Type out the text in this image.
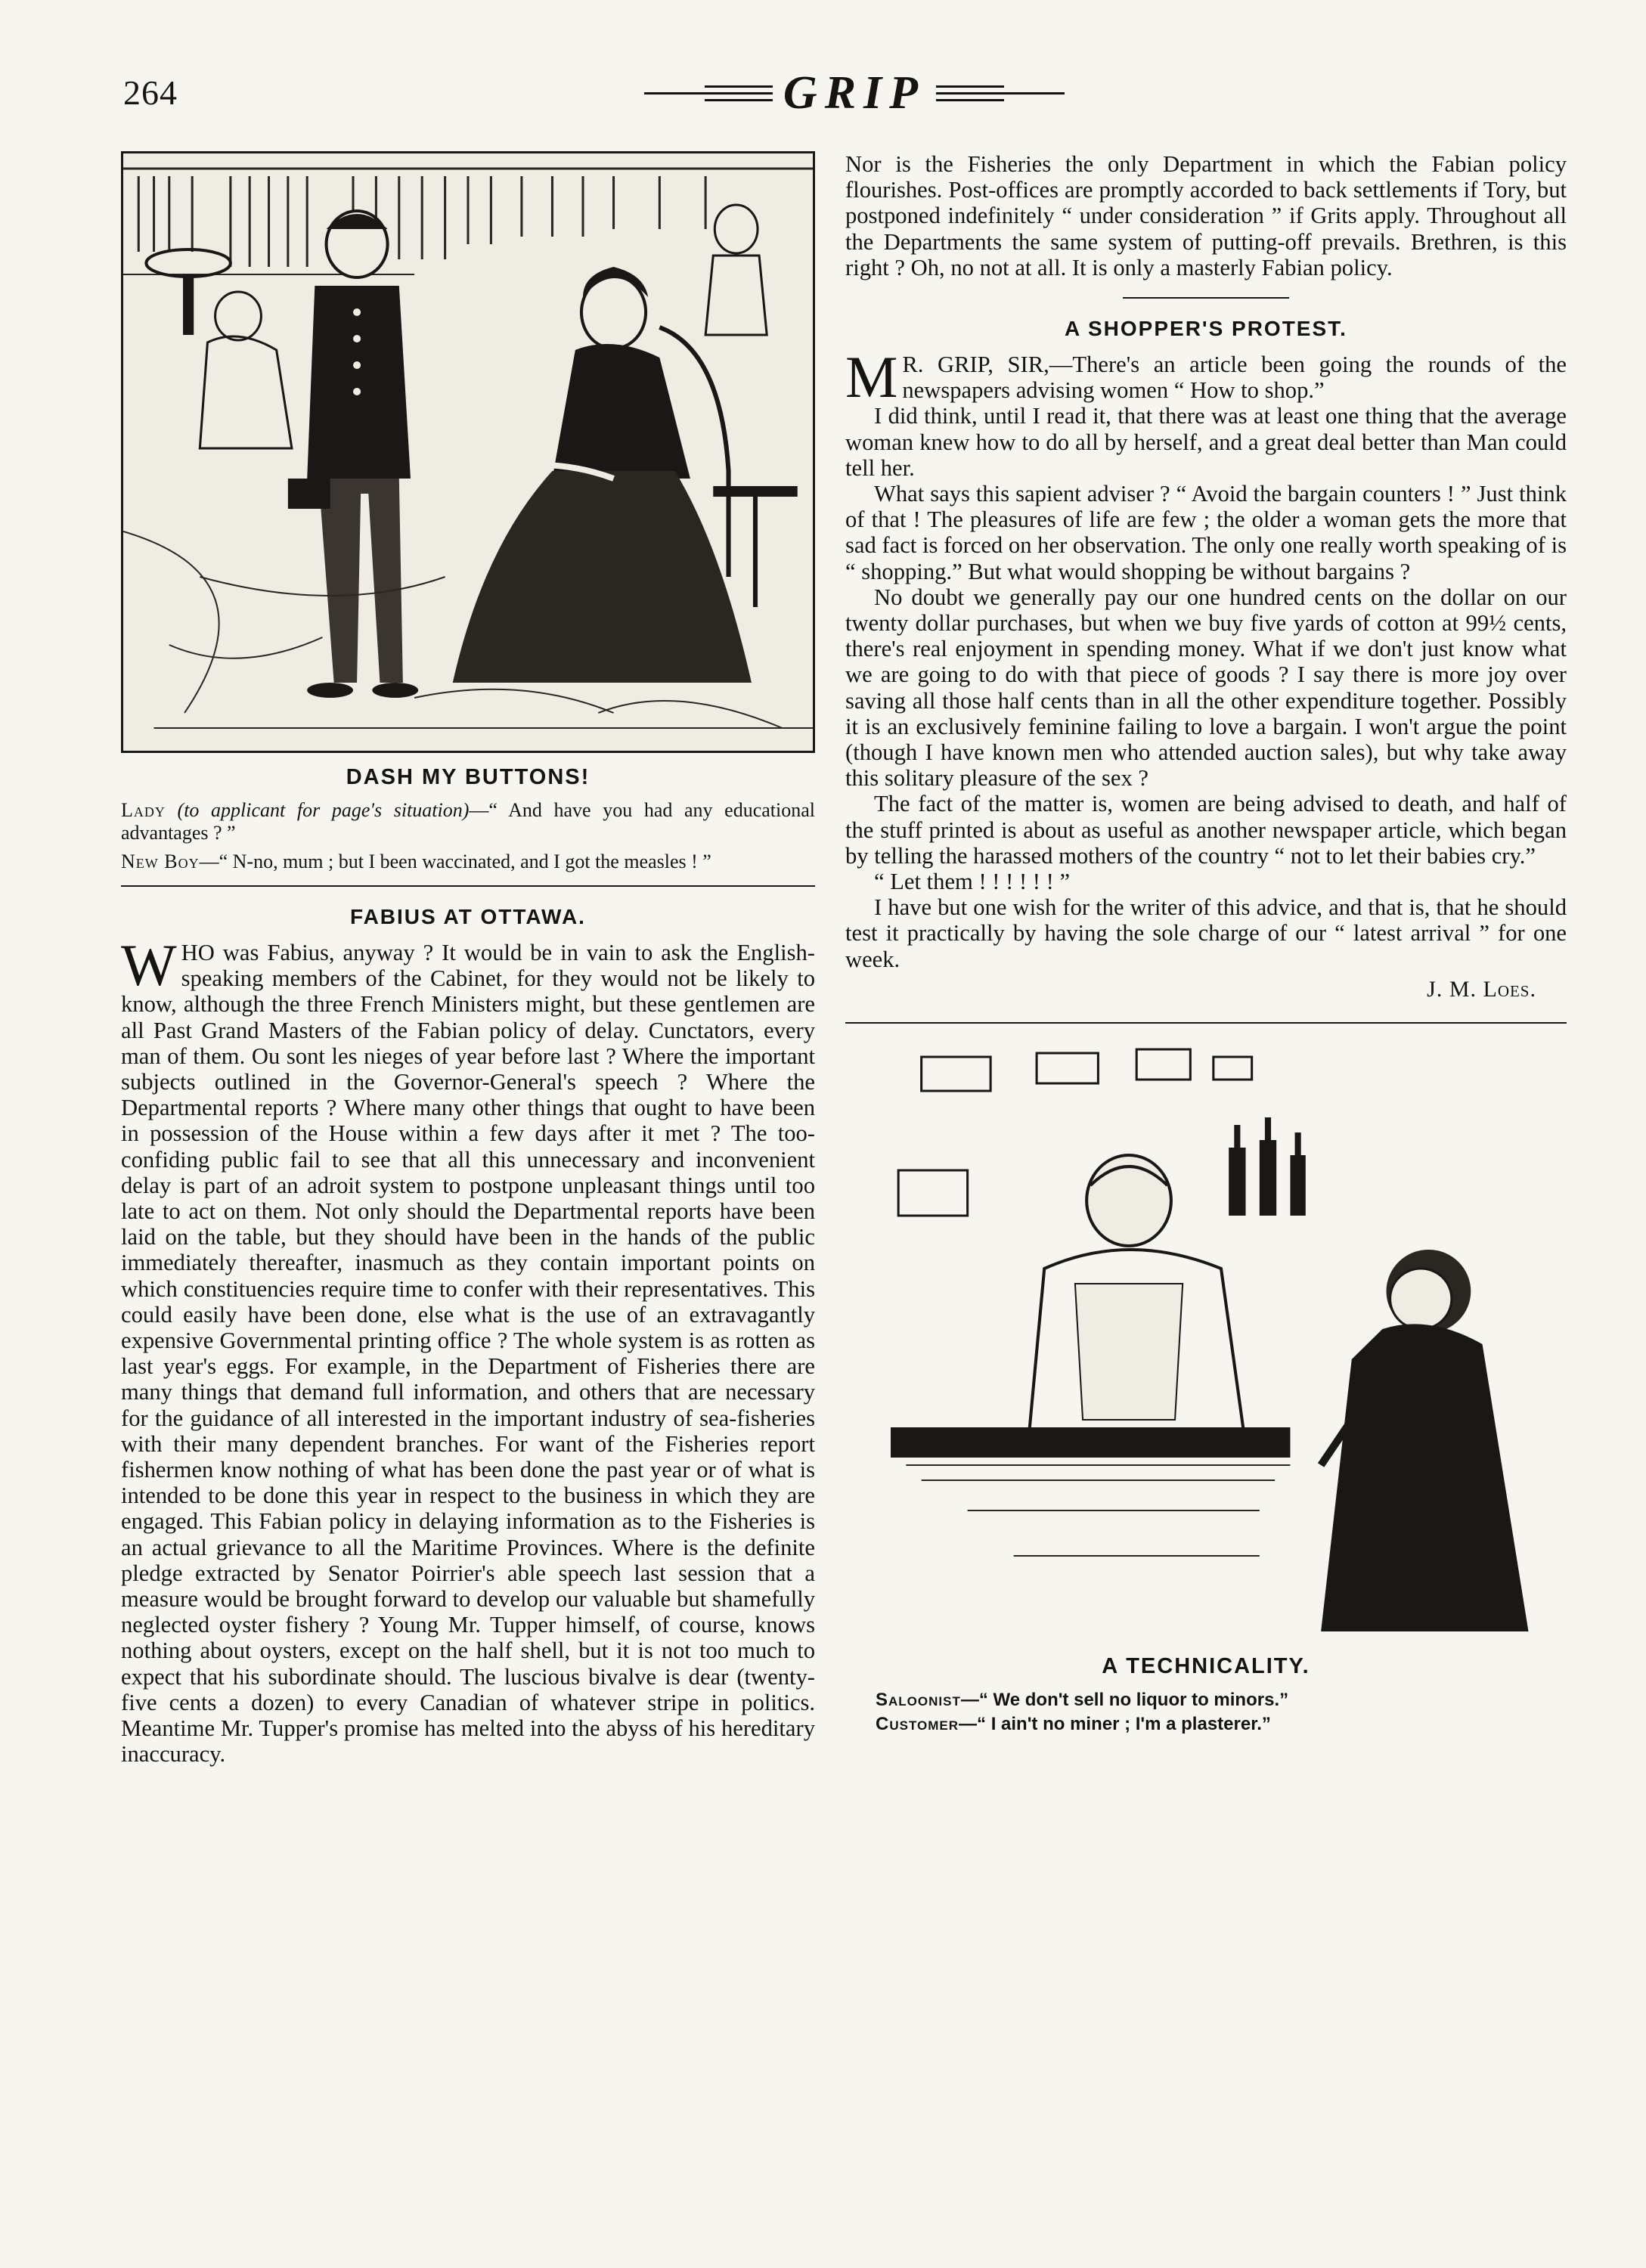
264	GRIP
DASH MY BUTTONS!
Lady (to applicant for page's situation)—“ And have you had any educational advantages ? ”
New Boy—“ N-no, mum ; but I been waccinated, and I got the measles ! ”
FABIUS AT OTTAWA.

WHO was Fabius, anyway ? It would be in vain to ask the English-speaking members of the Cabinet, for they would not be likely to know, although the three French Ministers might, but these gentlemen are all Past Grand Masters of the Fabian policy of delay. Cunctators, every man of them. Ou sont les nieges of year before last ? Where the important subjects outlined in the Governor-General's speech ? Where the Departmental reports ? Where many other things that ought to have been in possession of the House within a few days after it met ? The too-confiding public fail to see that all this unnecessary and inconvenient delay is part of an adroit system to postpone unpleasant things until too late to act on them. Not only should the Departmental reports have been laid on the table, but they should have been in the hands of the public immediately thereafter, inasmuch as they contain important points on which constituencies require time to confer with their representatives. This could easily have been done, else what is the use of an extravagantly expensive Governmental printing office ? The whole system is as rotten as last year's eggs. For example, in the Department of Fisheries there are many things that demand full information, and others that are necessary for the guidance of all interested in the important industry of sea-fisheries with their many dependent branches. For want of the Fisheries report fishermen know nothing of what has been done the past year or of what is intended to be done this year in respect to the business in which they are engaged. This Fabian policy in delaying information as to the Fisheries is an actual grievance to all the Maritime Provinces. Where is the definite pledge extracted by Senator Poirrier's able speech last session that a measure would be brought forward to develop our valuable but shamefully neglected oyster fishery ? Young Mr. Tupper himself, of course, knows nothing about oysters, except on the half shell, but it is not too much to expect that his subordinate should. The luscious bivalve is dear (twenty-five cents a dozen) to every Canadian of whatever stripe in politics. Meantime Mr. Tupper's promise has melted into the abyss of his hereditary inaccuracy.

Nor is the Fisheries the only Department in which the Fabian policy flourishes. Post-offices are promptly accorded to back settlements if Tory, but postponed indefinitely “ under consideration ” if Grits apply. Throughout all the Departments the same system of putting-off prevails. Brethren, is this right ? Oh, no not at all. It is only a masterly Fabian policy.

A SHOPPER'S PROTEST.

MR. GRIP, SIR,—There's an article been going the rounds of the newspapers advising women “ How to shop.”

I did think, until I read it, that there was at least one thing that the average woman knew how to do all by herself, and a great deal better than Man could tell her.

What says this sapient adviser ? “ Avoid the bargain counters ! ” Just think of that ! The pleasures of life are few ; the older a woman gets the more that sad fact is forced on her observation. The only one really worth speaking of is “ shopping.” But what would shopping be without bargains ?

No doubt we generally pay our one hundred cents on the dollar on our twenty dollar purchases, but when we buy five yards of cotton at 99½ cents, there's real enjoyment in spending money. What if we don't just know what we are going to do with that piece of goods ? I say there is more joy over saving all those half cents than in all the other expenditure together. Possibly it is an exclusively feminine failing to love a bargain. I won't argue the point (though I have known men who attended auction sales), but why take away this solitary pleasure of the sex ?

The fact of the matter is, women are being advised to death, and half of the stuff printed is about as useful as another newspaper article, which began by telling the harassed mothers of the country “ not to let their babies cry.”

“ Let them ! ! ! ! ! ! ”

I have but one wish for the writer of this advice, and that is, that he should test it practically by having the sole charge of our “ latest arrival ” for one week.

J. M. Loes.
A TECHNICALITY.
Saloonist—“ We don't sell no liquor to minors.”
Customer—“ I ain't no miner ; I'm a plasterer.”
